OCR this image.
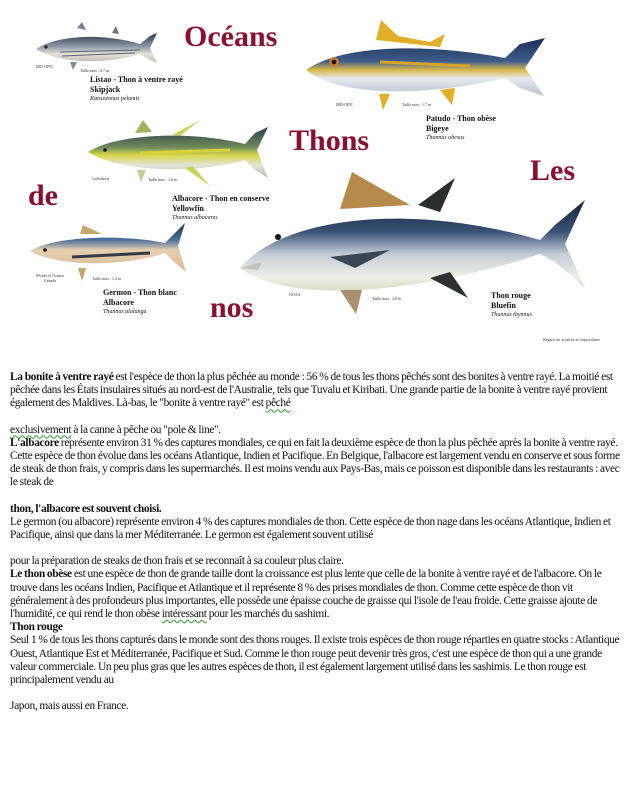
Océans
Thons
Les
de
nos
IRD-OPIC
Taille max : 0,7 m
Listao - Thon à ventre rayé
Skipjack
Katsuwonus pelamis
IRD-OPIC	Taille max : 1,7 m
Patudo - Thon obèse
Bigeye
Thunnus obesus
Golfobreiz	Taille max : 1,8 m
Albacore - Thon en conserve
Yellowfin
Thunnus albacares
Pêches et Océans Canada	Taille max : 1,2 m
Germon - Thon blanc
Albacore
Thunnus alalunga
NOAA
Taille max : 3,0 m	Thon rouge
Bluefin
Thunnus thynnus
Regard sur la pêche et l'aquaculture

La bonite à ventre rayé est l'espèce de thon la plus pêchée au monde : 56 % de tous les thons pêchés sont des bonites à ventre rayé. La moitié est pêchée dans les États insulaires situés au nord-est de l'Australie, tels que Tuvalu et Kiribati. Une grande partie de la bonite à ventre rayé provient également des Maldives. Là-bas, le "bonite à ventre rayé" est pêché

exclusivement à la canne à pêche ou "pole & line".

L'albacore représente environ 31 % des captures mondiales, ce qui en fait la deuxième espèce de thon la plus pêchée après la bonite à ventre rayé. Cette espèce de thon évolue dans les océans Atlantique, Indien et Pacifique. En Belgique, l'albacore est largement vendu en conserve et sous forme de steak de thon frais, y compris dans les supermarchés. Il est moins vendu aux Pays-Bas, mais ce poisson est disponible dans les restaurants : avec le steak de

thon, l'albacore est souvent choisi.

Le germon (ou albacore) représente environ 4 % des captures mondiales de thon. Cette espèce de thon nage dans les océans Atlantique, Indien et Pacifique, ainsi que dans la mer Méditerranée. Le germon est également souvent utilisé

pour la préparation de steaks de thon frais et se reconnaît à sa couleur plus claire.

Le thon obèse est une espèce de thon de grande taille dont la croissance est plus lente que celle de la bonite à ventre rayé et de l'albacore. On le trouve dans les océans Indien, Pacifique et Atlantique et il représente 8 % des prises mondiales de thon. Comme cette espèce de thon vit généralement à des profondeurs plus importantes, elle possède une épaisse couche de graisse qui l'isole de l'eau froide. Cette graisse ajoute de l'humidité, ce qui rend le thon obèse intéressant pour les marchés du sashimi.

Thon rouge

Seul 1 % de tous les thons capturés dans le monde sont des thons rouges. Il existe trois espèces de thon rouge réparties en quatre stocks : Atlantique Ouest, Atlantique Est et Méditerranée, Pacifique et Sud. Comme le thon rouge peut devenir très gros, c'est une espèce de thon qui a une grande valeur commerciale. Un peu plus gras que les autres espèces de thon, il est également largement utilisé dans les sashimis. Le thon rouge est principalement vendu au

Japon, mais aussi en France.
